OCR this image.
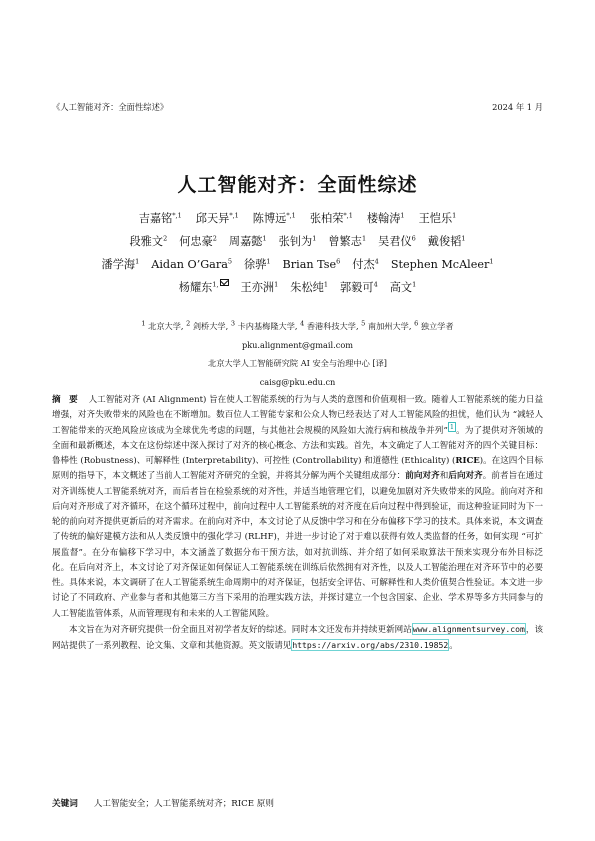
《人工智能对齐：全面性综述》	2024 年 1 月
人工智能对齐：全面性综述
吉嘉铭$^{*,1}$ 邱天异$^{*,1}$ 陈博远$^{*,1}$ 张柏荣$^{*,1}$ 楼翰涛$^1$ 王恺乐$^1$
段雅文$^2$ 何忠豪$^2$ 周嘉懿$^1$ 张钊为$^1$ 曾繁志$^1$ 吴君仪$^6$ 戴俊韬$^1$
潘学海$^1$ Aidan O’Gara$^5$ 徐骅$^1$ Brian Tse$^6$ 付杰$^4$ Stephen McAleer$^1$
杨耀东$^{1,}$ 王亦洲$^1$ 朱松纯$^1$ 郭毅可$^4$ 高文$^1$
$^1$ 北京大学, $^2$ 剑桥大学, $^3$ 卡内基梅隆大学, $^4$ 香港科技大学, $^5$ 南加州大学, $^6$ 独立学者
pku.alignment@gmail.com
北京大学人工智能研究院 AI 安全与治理中心 [译]
caisg@pku.edu.cn

摘　要 人工智能对齐 (AI Alignment) 旨在使人工智能系统的行为与人类的意图和价值观相一致。随着人工智能系统的能力日益增强，对齐失败带来的风险也在不断增加。数百位人工智能专家和公众人物已经表达了对人工智能风险的担忧，他们认为 “减轻人工智能带来的灭绝风险应该成为全球优先考虑的问题，与其他社会规模的风险如大流行病和核战争并列” $^1$ 。为了提供对齐领域的全面和最新概述，本文在这份综述中深入探讨了对齐的核心概念、方法和实践。首先，本文确定了人工智能对齐的四个关键目标：鲁棒性 (Robustness)、可解释性 (Interpretability)、可控性 (Controllability) 和道德性 (Ethicality) (RICE)。在这四个目标原则的指导下，本文概述了当前人工智能对齐研究的全貌，并将其分解为两个关键组成部分：前向对齐和后向对齐。前者旨在通过对齐训练使人工智能系统对齐，而后者旨在检验系统的对齐性，并适当地管理它们，以避免加剧对齐失败带来的风险。前向对齐和后向对齐形成了对齐循环，在这个循环过程中，前向过程中人工智能系统的对齐度在后向过程中得到验证，而这种验证同时为下一轮的前向对齐提供更新后的对齐需求。在前向对齐中，本文讨论了从反馈中学习和在分布偏移下学习的技术。具体来说，本文调查了传统的偏好建模方法和从人类反馈中的强化学习 (RLHF)，并进一步讨论了对于难以获得有效人类监督的任务，如何实现 “可扩展监督”。在分布偏移下学习中，本文涵盖了数据分布干预方法，如对抗训练、并介绍了如何采取算法干预来实现分布外目标泛化。在后向对齐上，本文讨论了对齐保证如何保证人工智能系统在训练后依然拥有对齐性，以及人工智能治理在对齐环节中的必要性。具体来说，本文调研了在人工智能系统生命周期中的对齐保证，包括安全评估、可解释性和人类价值契合性验证。本文进一步讨论了不同政府、产业参与者和其他第三方当下采用的治理实践方法，并探讨建立一个包含国家、企业、学术界等多方共同参与的人工智能监管体系，从而管理现有和未来的人工智能风险。

本文旨在为对齐研究提供一份全面且对初学者友好的综述。同时本文还发布并持续更新网站www.alignmentsurvey.com，该网站提供了一系列教程、论文集、文章和其他资源。英文版请见https://arxiv.org/abs/2310.19852。

关键词 人工智能安全；人工智能系统对齐；RICE 原则
